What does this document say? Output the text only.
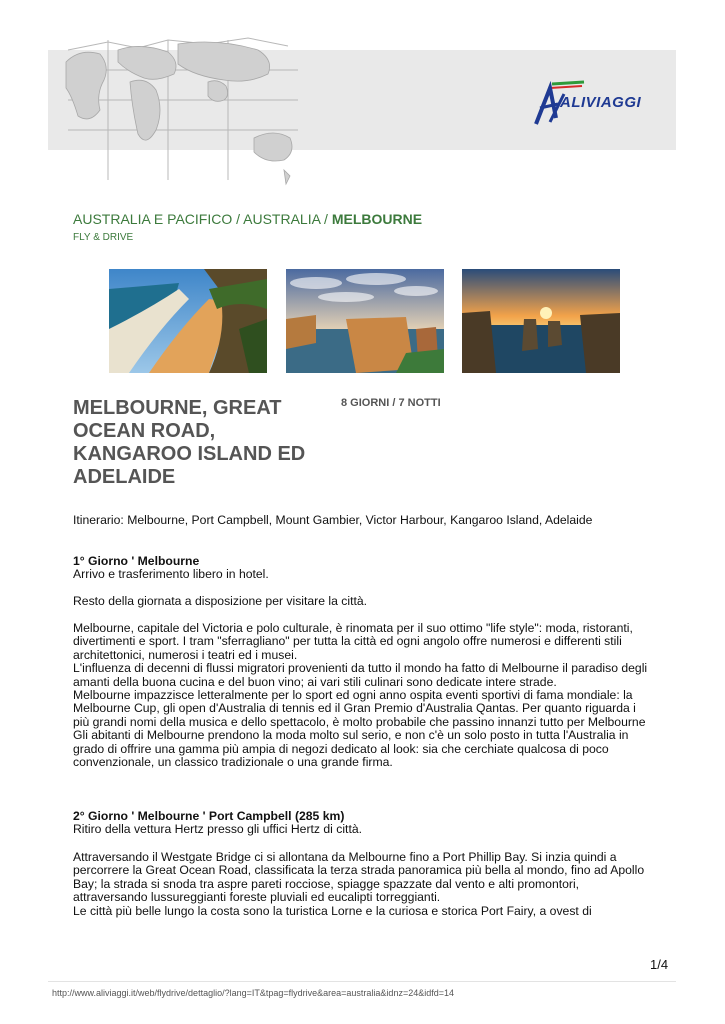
ALIVIAGGI
AUSTRALIA E PACIFICO / AUSTRALIA / MELBOURNE
FLY & DRIVE
MELBOURNE, GREAT OCEAN ROAD, KANGAROO ISLAND ED ADELAIDE
8 GIORNI / 7 NOTTI

Itinerario: Melbourne, Port Campbell, Mount Gambier, Victor Harbour, Kangaroo Island, Adelaide

1° Giorno ' Melbourne

Arrivo e trasferimento libero in hotel.

Resto della giornata a disposizione per visitare la città.

Melbourne, capitale del Victoria e polo culturale, è rinomata per il suo ottimo "life style": moda, ristoranti, divertimenti e sport. I tram "sferragliano" per tutta la città ed ogni angolo offre numerosi e differenti stili architettonici, numerosi i teatri ed i musei.

L'influenza di decenni di flussi migratori provenienti da tutto il mondo ha fatto di Melbourne il paradiso degli amanti della buona cucina e del buon vino; ai vari stili culinari sono dedicate intere strade.

Melbourne impazzisce letteralmente per lo sport ed ogni anno ospita eventi sportivi di fama mondiale: la Melbourne Cup, gli open d'Australia di tennis ed il Gran Premio d'Australia Qantas. Per quanto riguarda i più grandi nomi della musica e dello spettacolo, è molto probabile che passino innanzi tutto per Melbourne

Gli abitanti di Melbourne prendono la moda molto sul serio, e non c'è un solo posto in tutta l'Australia in grado di offrire una gamma più ampia di negozi dedicato al look: sia che cerchiate qualcosa di poco convenzionale, un classico tradizionale o una grande firma.

2° Giorno ' Melbourne ' Port Campbell (285 km)

Ritiro della vettura Hertz presso gli uffici Hertz di città.

Attraversando il Westgate Bridge ci si allontana da Melbourne fino a Port Phillip Bay. Si inzia quindi a percorrere la Great Ocean Road, classificata la terza strada panoramica più bella al mondo, fino ad Apollo Bay; la strada si snoda tra aspre pareti rocciose, spiagge spazzate dal vento e alti promontori, attraversando lussureggianti foreste pluviali ed eucalipti torreggianti.

Le città più belle lungo la costa sono la turistica Lorne e la curiosa e storica Port Fairy, a ovest di

1/4
http://www.aliviaggi.it/web/flydrive/dettaglio/?lang=IT&tpag=flydrive&area=australia&idnz=24&idfd=14
